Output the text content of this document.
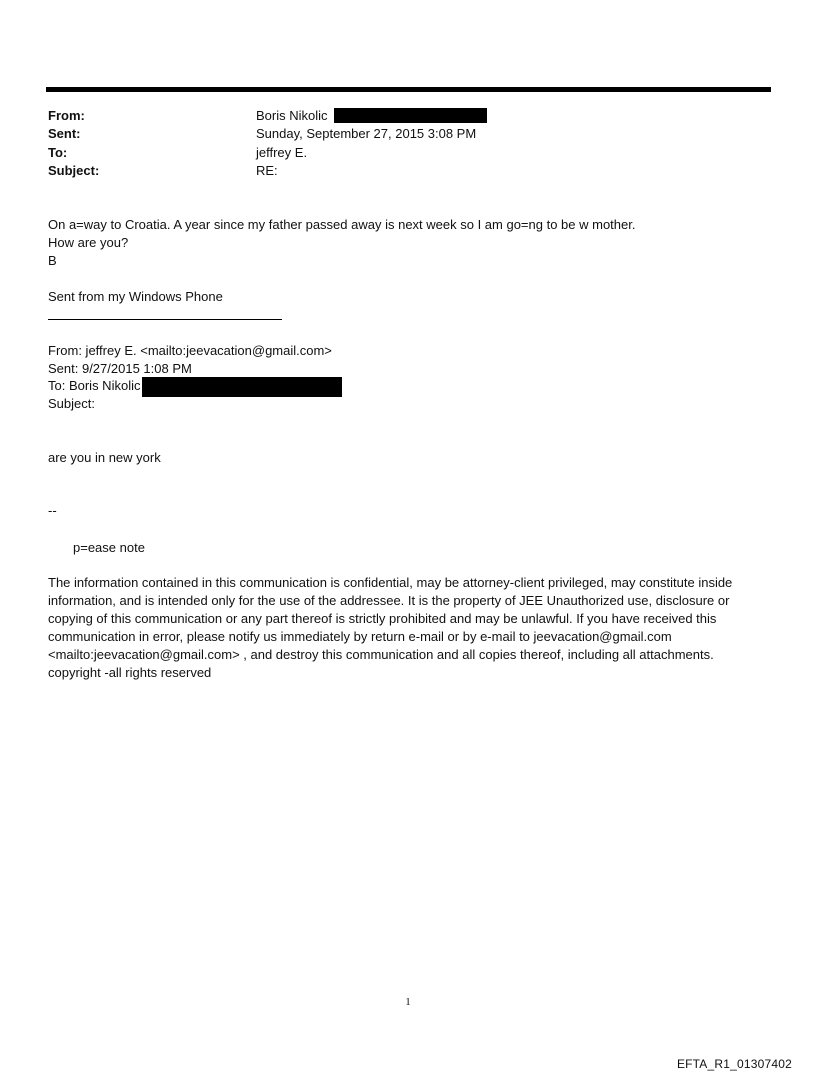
From:	Boris Nikolic
Sent:	Sunday, September 27, 2015 3:08 PM
To:	jeffrey E.
Subject:	RE:
On a=way to Croatia. A year since my father passed away is next week so I am go=ng to be w mother.
How are you?
B
Sent from my Windows Phone
From: jeffrey E. <mailto:jeevacation@gmail.com>
Sent: 9/27/2015 1:08 PM
To: Boris Nikolic
Subject:
are you in new york
--
p=ease note
The information contained in this communication is confidential, may be attorney-client privileged, may constitute inside information, and is intended only for the use of the addressee. It is the property of JEE Unauthorized use, disclosure or copying of this communication or any part thereof is strictly prohibited and may be unlawful. If you have received this communication in error, please notify us immediately by return e-mail or by e-mail to jeevacation@gmail.com <mailto:jeevacation@gmail.com> , and destroy this communication and all copies thereof, including all attachments. copyright -all rights reserved
1
EFTA_R1_01307402
